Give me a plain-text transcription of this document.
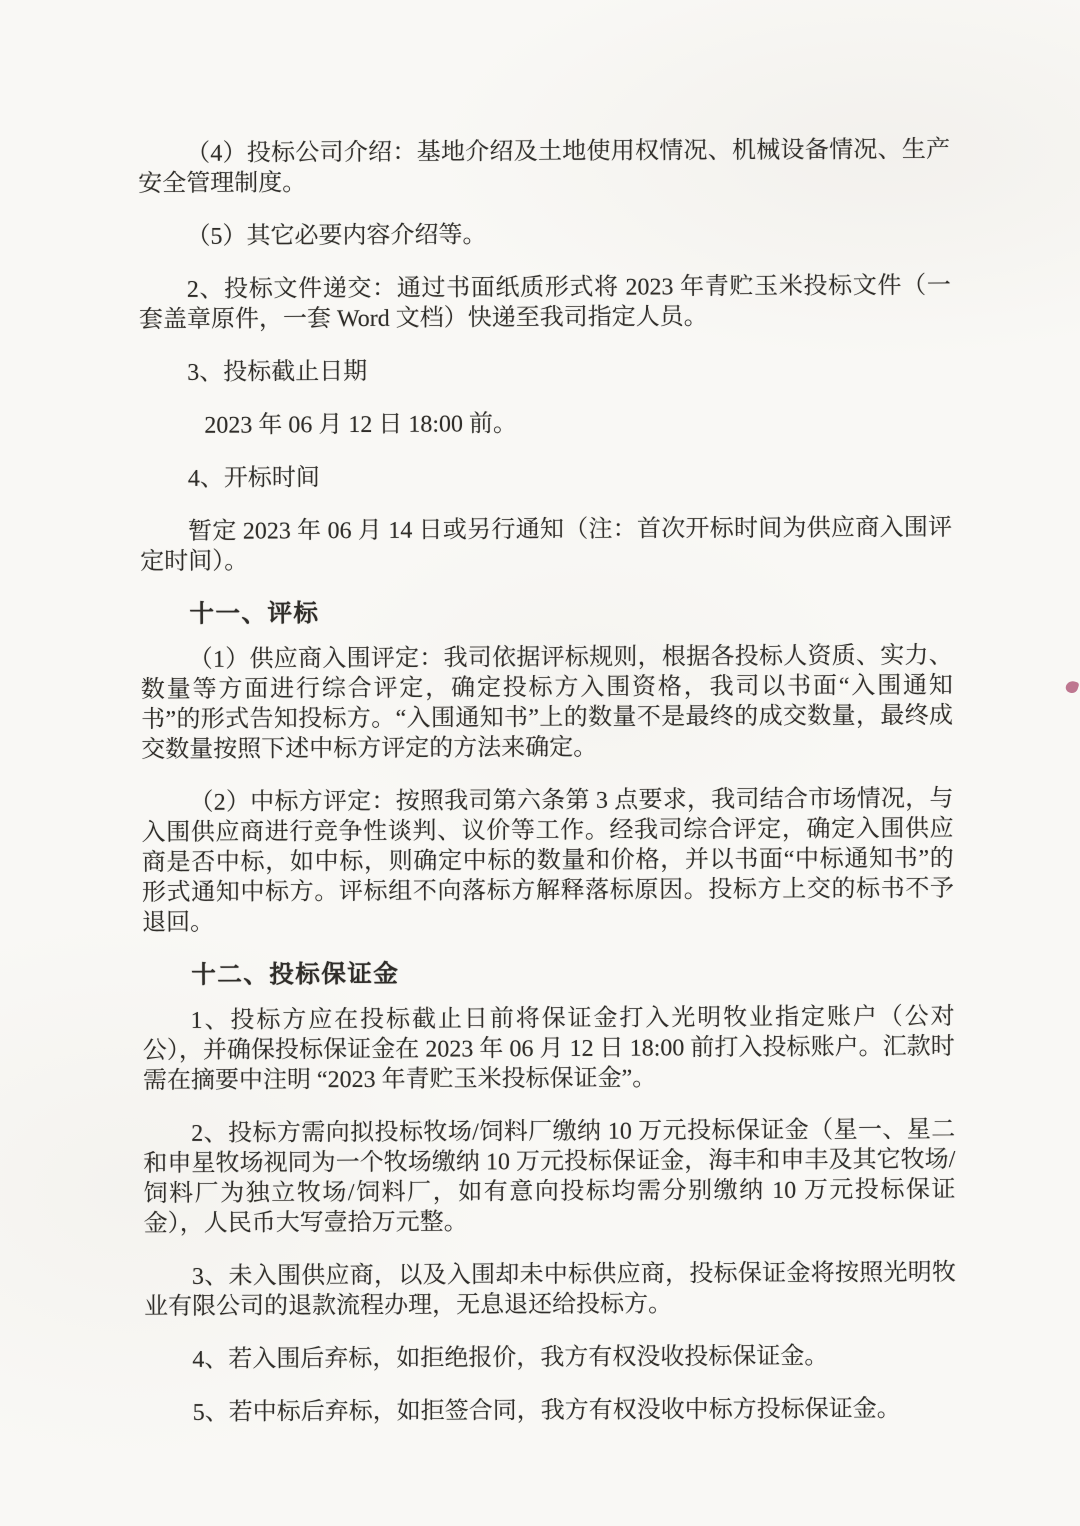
（4）投标公司介绍：基地介绍及土地使用权情况、机械设备情况、生产安全管理制度。

（5）其它必要内容介绍等。

2、投标文件递交：通过书面纸质形式将 2023 年青贮玉米投标文件（一套盖章原件，一套 Word 文档）快递至我司指定人员。

3、投标截止日期

2023 年 06 月 12 日 18:00 前。

4、开标时间

暂定 2023 年 06 月 14 日或另行通知（注：首次开标时间为供应商入围评定时间）。

十一、评标

（1）供应商入围评定：我司依据评标规则，根据各投标人资质、实力、数量等方面进行综合评定，确定投标方入围资格，我司以书面“入围通知书”的形式告知投标方。“入围通知书”上的数量不是最终的成交数量，最终成交数量按照下述中标方评定的方法来确定。

（2）中标方评定：按照我司第六条第 3 点要求，我司结合市场情况，与入围供应商进行竞争性谈判、议价等工作。经我司综合评定，确定入围供应商是否中标，如中标，则确定中标的数量和价格，并以书面“中标通知书”的形式通知中标方。评标组不向落标方解释落标原因。投标方上交的标书不予退回。

十二、投标保证金

1、投标方应在投标截止日前将保证金打入光明牧业指定账户（公对公），并确保投标保证金在 2023 年 06 月 12 日 18:00 前打入投标账户。汇款时需在摘要中注明 “2023 年青贮玉米投标保证金”。

2、投标方需向拟投标牧场/饲料厂缴纳 10 万元投标保证金（星一、星二和申星牧场视同为一个牧场缴纳 10 万元投标保证金，海丰和申丰及其它牧场/饲料厂为独立牧场/饲料厂，如有意向投标均需分别缴纳 10 万元投标保证金），人民币大写壹拾万元整。

3、未入围供应商，以及入围却未中标供应商，投标保证金将按照光明牧业有限公司的退款流程办理，无息退还给投标方。

4、若入围后弃标，如拒绝报价，我方有权没收投标保证金。

5、若中标后弃标，如拒签合同，我方有权没收中标方投标保证金。
